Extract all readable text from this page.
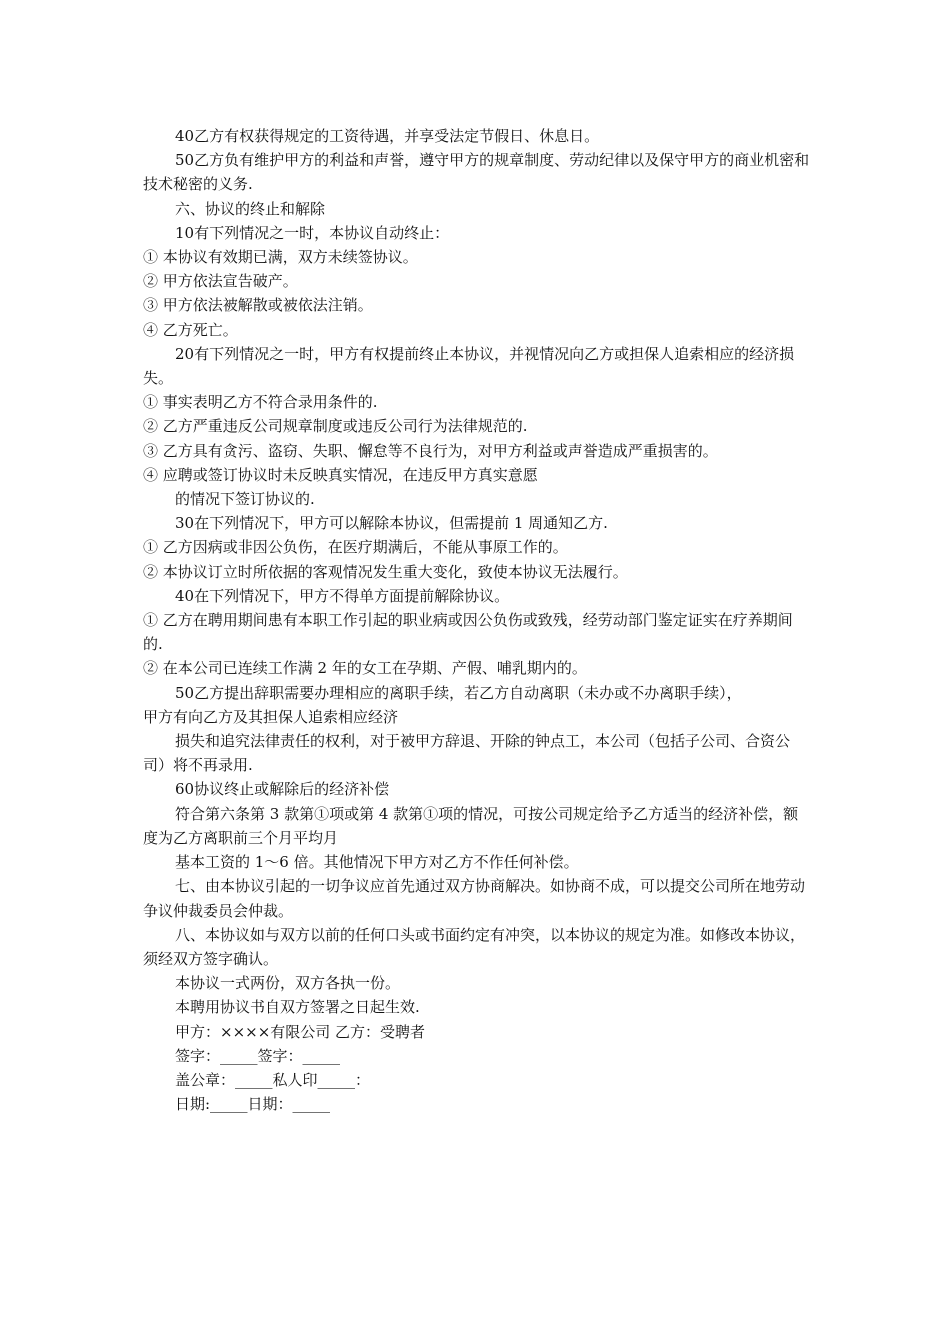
40乙方有权获得规定的工资待遇，并享受法定节假日、休息日。

50乙方负有维护甲方的利益和声誉，遵守甲方的规章制度、劳动纪律以及保守甲方的商业机密和技术秘密的义务.

六、协议的终止和解除

10有下列情况之一时，本协议自动终止：

① 本协议有效期已满，双方未续签协议。

② 甲方依法宣告破产。

③ 甲方依法被解散或被依法注销。

④ 乙方死亡。

20有下列情况之一时，甲方有权提前终止本协议，并视情况向乙方或担保人追索相应的经济损失。

① 事实表明乙方不符合录用条件的.

② 乙方严重违反公司规章制度或违反公司行为法律规范的.

③ 乙方具有贪污、盗窃、失职、懈怠等不良行为，对甲方利益或声誉造成严重损害的。

④ 应聘或签订协议时未反映真实情况，在违反甲方真实意愿

的情况下签订协议的.

30在下列情况下，甲方可以解除本协议，但需提前 1 周通知乙方.

① 乙方因病或非因公负伤，在医疗期满后，不能从事原工作的。

② 本协议订立时所依据的客观情况发生重大变化，致使本协议无法履行。

40在下列情况下，甲方不得单方面提前解除协议。

① 乙方在聘用期间患有本职工作引起的职业病或因公负伤或致残，经劳动部门鉴定证实在疗养期间的.

② 在本公司已连续工作满 2 年的女工在孕期、产假、哺乳期内的。

50乙方提出辞职需要办理相应的离职手续，若乙方自动离职（未办或不办离职手续），

甲方有向乙方及其担保人追索相应经济

损失和追究法律责任的权利，对于被甲方辞退、开除的钟点工，本公司（包括子公司、合资公司）将不再录用.

60协议终止或解除后的经济补偿

符合第六条第 3 款第①项或第 4 款第①项的情况，可按公司规定给予乙方适当的经济补偿，额度为乙方离职前三个月平均月

基本工资的 1～6 倍。其他情况下甲方对乙方不作任何补偿。

七、由本协议引起的一切争议应首先通过双方协商解决。如协商不成，可以提交公司所在地劳动争议仲裁委员会仲裁。

八、本协议如与双方以前的任何口头或书面约定有冲突，以本协议的规定为准。如修改本协议，须经双方签字确认。

本协议一式两份，双方各执一份。

本聘用协议书自双方签署之日起生效.

甲方：××××有限公司 乙方：受聘者

签字：_____签字：_____

盖公章：_____私人印_____：

日期:_____日期：_____
